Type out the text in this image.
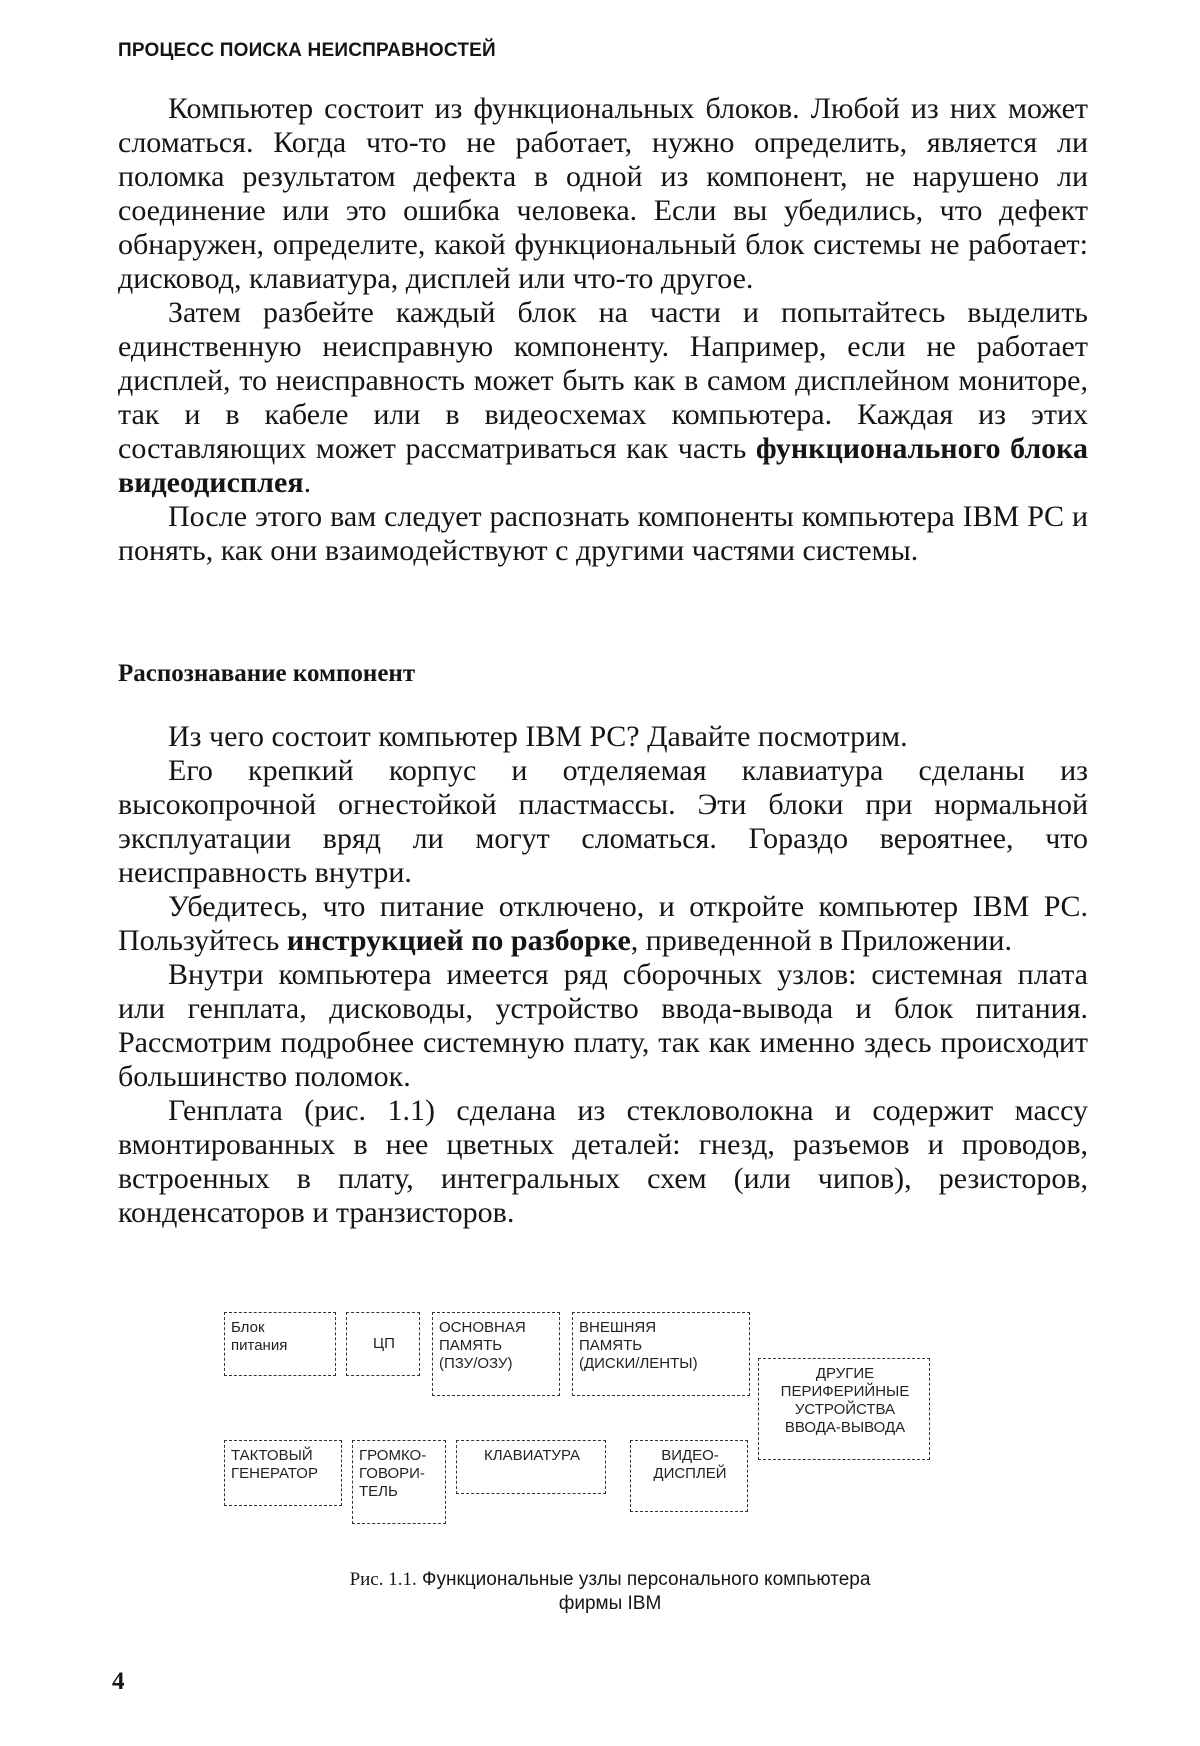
ПРОЦЕСС ПОИСКА НЕИСПРАВНОСТЕЙ

Компьютер состоит из функциональных блоков. Любой из них может сломаться. Когда что-то не работает, нужно определить, является ли поломка результатом дефекта в одной из компонент, не нарушено ли соединение или это ошибка человека. Если вы убедились, что дефект обнаружен, определите, какой функциональный блок системы не работает: дисковод, клавиатура, дисплей или что-то другое.

Затем разбейте каждый блок на части и попытайтесь выделить единственную неисправную компоненту. Например, если не работает дисплей, то неисправность может быть как в самом дисплейном мониторе, так и в кабеле или в видеосхемах компьютера. Каждая из этих составляющих может рассматриваться как часть функционального блока видеодисплея.

После этого вам следует распознать компоненты компьютера IBM PC и понять, как они взаимодействуют с другими частями системы.

Распознавание компонент

Из чего состоит компьютер IBM PC? Давайте посмотрим.

Его крепкий корпус и отделяемая клавиатура сделаны из высокопрочной огнестойкой пластмассы. Эти блоки при нормальной эксплуатации вряд ли могут сломаться. Гораздо вероятнее, что неисправность внутри.

Убедитесь, что питание отключено, и откройте компьютер IBM PC. Пользуйтесь инструкцией по разборке, приведенной в Приложении.

Внутри компьютера имеется ряд сборочных узлов: системная плата или генплата, дисководы, устройство ввода-вывода и блок питания. Рассмотрим подробнее системную плату, так как именно здесь происходит большинство поломок.

Генплата (рис. 1.1) сделана из стекловолокна и содержит массу вмонтированных в нее цветных деталей: гнезд, разъемов и проводов, встроенных в плату, интегральных схем (или чипов), резисторов, конденсаторов и транзисторов.

Блок
питания	ЦП
ОСНОВНАЯ
ПАМЯТЬ
(ПЗУ/ОЗУ)
ВНЕШНЯЯ
ПАМЯТЬ
(ДИСКИ/ЛЕНТЫ)
ДРУГИЕ
ПЕРИФЕРИЙНЫЕ
УСТРОЙСТВА
ВВОДА-ВЫВОДА
ТАКТОВЫЙ
ГЕНЕРАТОР
ГРОМКО-
ГОВОРИ-
ТЕЛЬ
КЛАВИАТУРА	ВИДЕО-
ДИСПЛЕЙ
Рис. 1.1. Функциональные узлы персонального компьютера
фирмы IBM
4
